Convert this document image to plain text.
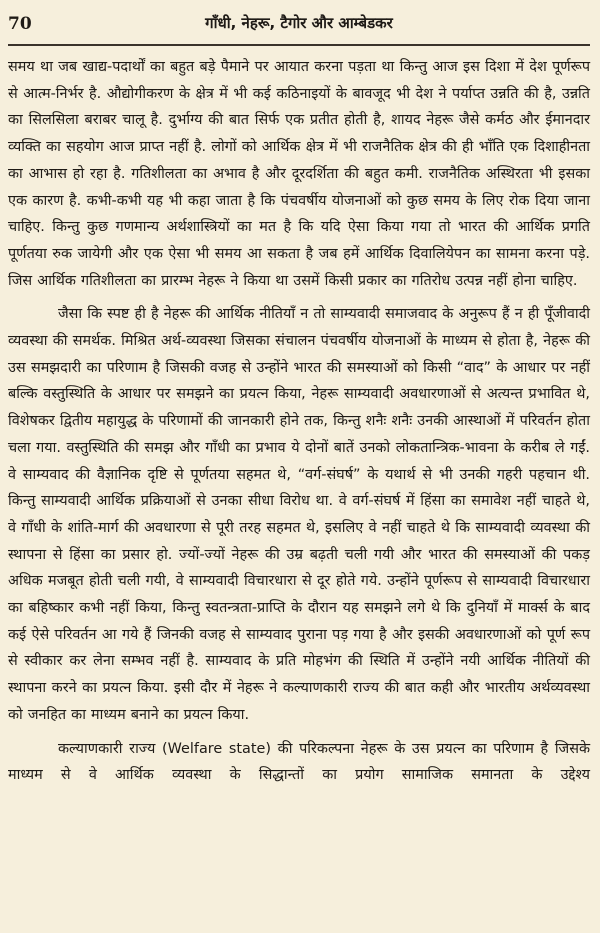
70	गाँधी, नेहरू, टैगोर और आम्बेडकर

समय था जब खाद्य-पदार्थों का बहुत बड़े पैमाने पर आयात करना पड़ता था किन्तु आज इस दिशा में देश पूर्णरूप से आत्म-निर्भर है. औद्योगीकरण के क्षेत्र में भी कई कठिनाइयों के बावजूद भी देश ने पर्याप्त उन्नति की है, उन्नति का सिलसिला बराबर चालू है. दुर्भाग्य की बात सिर्फ एक प्रतीत होती है, शायद नेहरू जैसे कर्मठ और ईमानदार व्यक्ति का सहयोग आज प्राप्त नहीं है. लोगों को आर्थिक क्षेत्र में भी राजनैतिक क्षेत्र की ही भाँति एक दिशाहीनता का आभास हो रहा है. गतिशीलता का अभाव है और दूरदर्शिता की बहुत कमी. राजनैतिक अस्थिरता भी इसका एक कारण है. कभी-कभी यह भी कहा जाता है कि पंचवर्षीय योजनाओं को कुछ समय के लिए रोक दिया जाना चाहिए. किन्तु कुछ गणमान्य अर्थशास्त्रियों का मत है कि यदि ऐसा किया गया तो भारत की आर्थिक प्रगति पूर्णतया रुक जायेगी और एक ऐसा भी समय आ सकता है जब हमें आर्थिक दिवालियेपन का सामना करना पड़े. जिस आर्थिक गतिशीलता का प्रारम्भ नेहरू ने किया था उसमें किसी प्रकार का गतिरोध उत्पन्न नहीं होना चाहिए.

जैसा कि स्पष्ट ही है नेहरू की आर्थिक नीतियाँ न तो साम्यवादी समाजवाद के अनुरूप हैं न ही पूँजीवादी व्यवस्था की समर्थक. मिश्रित अर्थ-व्यवस्था जिसका संचालन पंचवर्षीय योजनाओं के माध्यम से होता है, नेहरू की उस समझदारी का परिणाम है जिसकी वजह से उन्होंने भारत की समस्याओं को किसी “वाद” के आधार पर नहीं बल्कि वस्तुस्थिति के आधार पर समझने का प्रयत्न किया, नेहरू साम्यवादी अवधारणाओं से अत्यन्त प्रभावित थे, विशेषकर द्वितीय महायुद्ध के परिणामों की जानकारी होने तक, किन्तु शनैः शनैः उनकी आस्थाओं में परिवर्तन होता चला गया. वस्तुस्थिति की समझ और गाँधी का प्रभाव ये दोनों बातें उनको लोकतान्त्रिक-भावना के करीब ले गईं. वे साम्यवाद की वैज्ञानिक दृष्टि से पूर्णतया सहमत थे, “वर्ग-संघर्ष” के यथार्थ से भी उनकी गहरी पहचान थी. किन्तु साम्यवादी आर्थिक प्रक्रियाओं से उनका सीधा विरोध था. वे वर्ग-संघर्ष में हिंसा का समावेश नहीं चाहते थे, वे गाँधी के शांति-मार्ग की अवधारणा से पूरी तरह सहमत थे, इसलिए वे नहीं चाहते थे कि साम्यवादी व्यवस्था की स्थापना से हिंसा का प्रसार हो. ज्यों-ज्यों नेहरू की उम्र बढ़ती चली गयी और भारत की समस्याओं की पकड़ अधिक मजबूत होती चली गयी, वे साम्यवादी विचारधारा से दूर होते गये. उन्होंने पूर्णरूप से साम्यवादी विचारधारा का बहिष्कार कभी नहीं किया, किन्तु स्वतन्त्रता-प्राप्ति के दौरान यह समझने लगे थे कि दुनियाँ में मार्क्स के बाद कई ऐसे परिवर्तन आ गये हैं जिनकी वजह से साम्यवाद पुराना पड़ गया है और इसकी अवधारणाओं को पूर्ण रूप से स्वीकार कर लेना सम्भव नहीं है. साम्यवाद के प्रति मोहभंग की स्थिति में उन्होंने नयी आर्थिक नीतियों की स्थापना करने का प्रयत्न किया. इसी दौर में नेहरू ने कल्याणकारी राज्य की बात कही और भारतीय अर्थव्यवस्था को जनहित का माध्यम बनाने का प्रयत्न किया.

कल्याणकारी राज्य (Welfare state) की परिकल्पना नेहरू के उस प्रयत्न का परिणाम है जिसके माध्यम से वे आर्थिक व्यवस्था के सिद्धान्तों का प्रयोग सामाजिक समानता के उद्देश्य
